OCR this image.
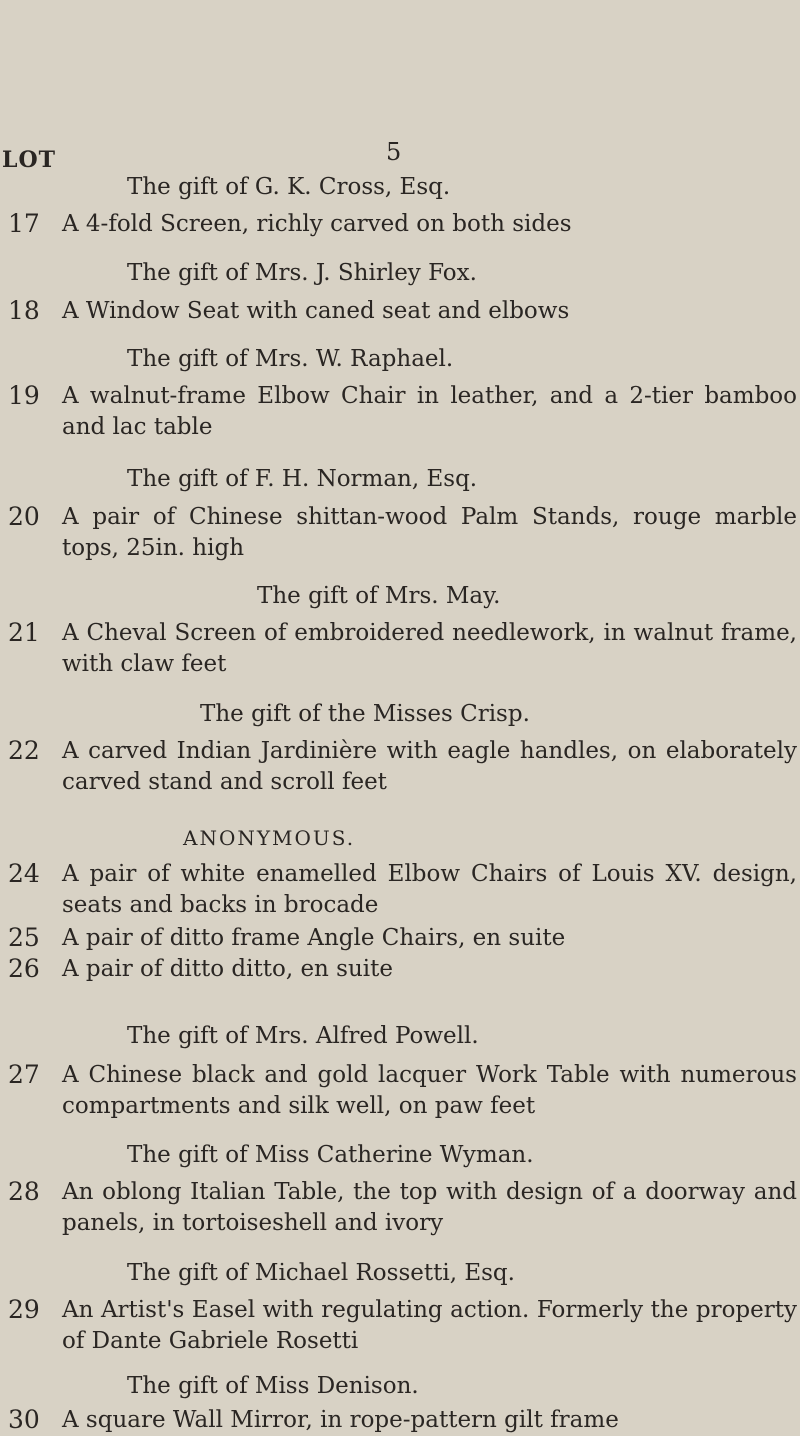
5
LOT
The gift of G. K. Cross, Esq.
17 A 4-fold Screen, richly carved on both sides
The gift of Mrs. J. Shirley Fox.
18 A Window Seat with caned seat and elbows
The gift of Mrs. W. Raphael.
19 A walnut-frame Elbow Chair in leather, and a 2-tier bamboo and lac table
The gift of F. H. Norman, Esq.
20 A pair of Chinese shittan-wood Palm Stands, rouge marble tops, 25in. high
The gift of Mrs. May.
21 A Cheval Screen of embroidered needlework, in walnut frame, with claw feet
The gift of the Misses Crisp.
22 A carved Indian Jardinière with eagle handles, on elaborately carved stand and scroll feet
ANONYMOUS.
24 A pair of white enamelled Elbow Chairs of Louis XV. design, seats and backs in brocade
25 A pair of ditto frame Angle Chairs, en suite
26 A pair of ditto ditto, en suite
The gift of Mrs. Alfred Powell.
27 A Chinese black and gold lacquer Work Table with numerous compartments and silk well, on paw feet
The gift of Miss Catherine Wyman.
28 An oblong Italian Table, the top with design of a doorway and panels, in tortoiseshell and ivory
The gift of Michael Rossetti, Esq.
29 An Artist's Easel with regulating action. Formerly the property of Dante Gabriele Rosetti
The gift of Miss Denison.
30 A square Wall Mirror, in rope-pattern gilt frame
